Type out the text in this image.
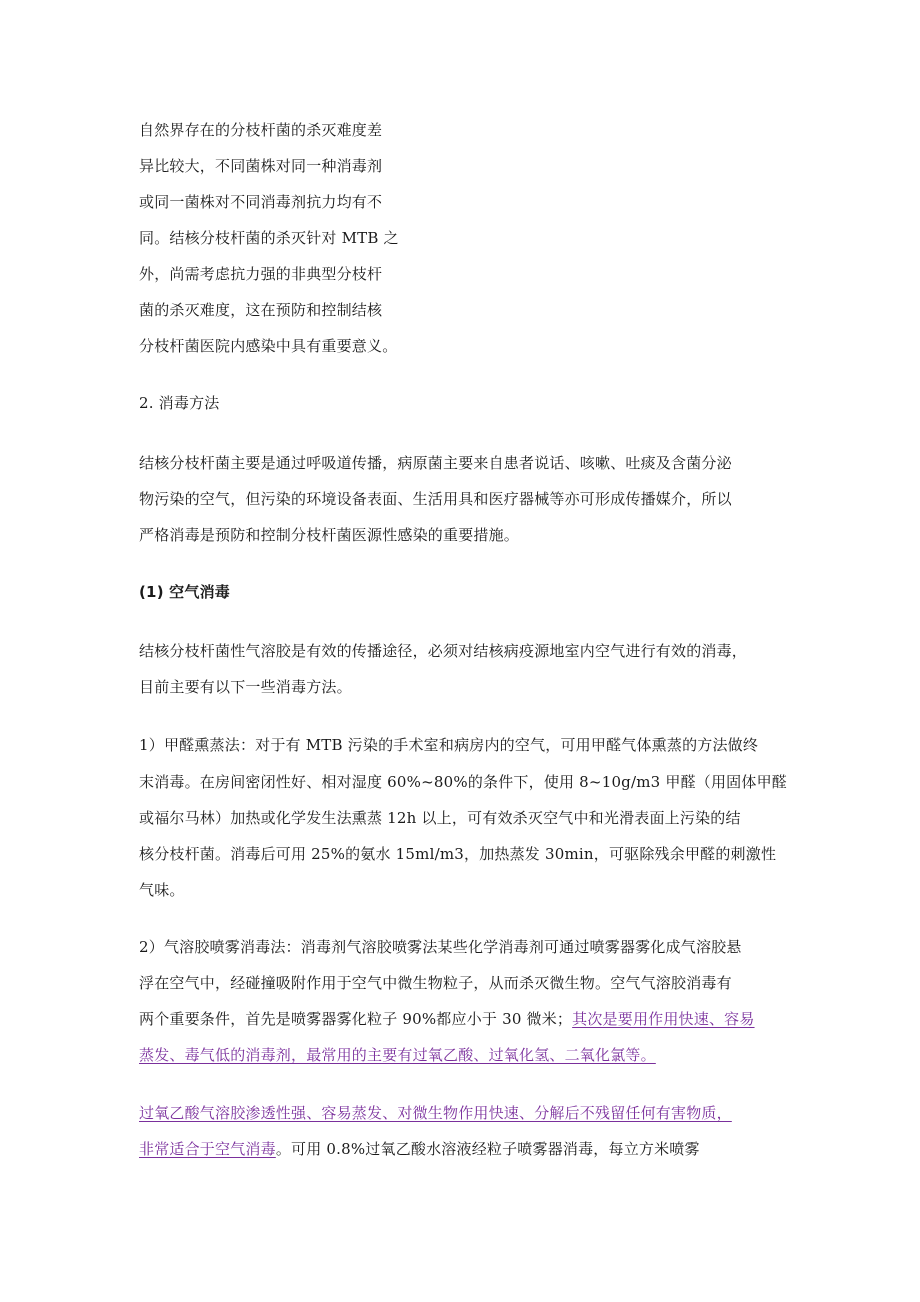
自然界存在的分枝杆菌的杀灭难度差
异比较大，不同菌株对同一种消毒剂
或同一菌株对不同消毒剂抗力均有不
同。结核分枝杆菌的杀灭针对 MTB 之
外，尚需考虑抗力强的非典型分枝杆
菌的杀灭难度，这在预防和控制结核
分枝杆菌医院内感染中具有重要意义。
2. 消毒方法
结核分枝杆菌主要是通过呼吸道传播，病原菌主要来自患者说话、咳嗽、吐痰及含菌分泌
物污染的空气，但污染的环境设备表面、生活用具和医疗器械等亦可形成传播媒介，所以
严格消毒是预防和控制分枝杆菌医源性感染的重要措施。
(1) 空气消毒
结核分枝杆菌性气溶胶是有效的传播途径，必须对结核病疫源地室内空气进行有效的消毒，
目前主要有以下一些消毒方法。
1）甲醛熏蒸法：对于有 MTB 污染的手术室和病房内的空气，可用甲醛气体熏蒸的方法做终
末消毒。在房间密闭性好、相对湿度 60%~80%的条件下，使用 8~10g/m3 甲醛（用固体甲醛
或福尔马林）加热或化学发生法熏蒸 12h 以上，可有效杀灭空气中和光滑表面上污染的结
核分枝杆菌。消毒后可用 25%的氨水 15ml/m3，加热蒸发 30min，可驱除残余甲醛的刺激性
气味。
2）气溶胶喷雾消毒法：消毒剂气溶胶喷雾法某些化学消毒剂可通过喷雾器雾化成气溶胶悬
浮在空气中，经碰撞吸附作用于空气中微生物粒子，从而杀灭微生物。空气气溶胶消毒有
两个重要条件，首先是喷雾器雾化粒子 90%都应小于 30 微米；其次是要用作用快速、容易
蒸发、毒气低的消毒剂，最常用的主要有过氧乙酸、过氧化氢、二氧化氯等。
过氧乙酸气溶胶渗透性强、容易蒸发、对微生物作用快速、分解后不残留任何有害物质，
非常适合于空气消毒。可用 0.8%过氧乙酸水溶液经粒子喷雾器消毒，每立方米喷雾
